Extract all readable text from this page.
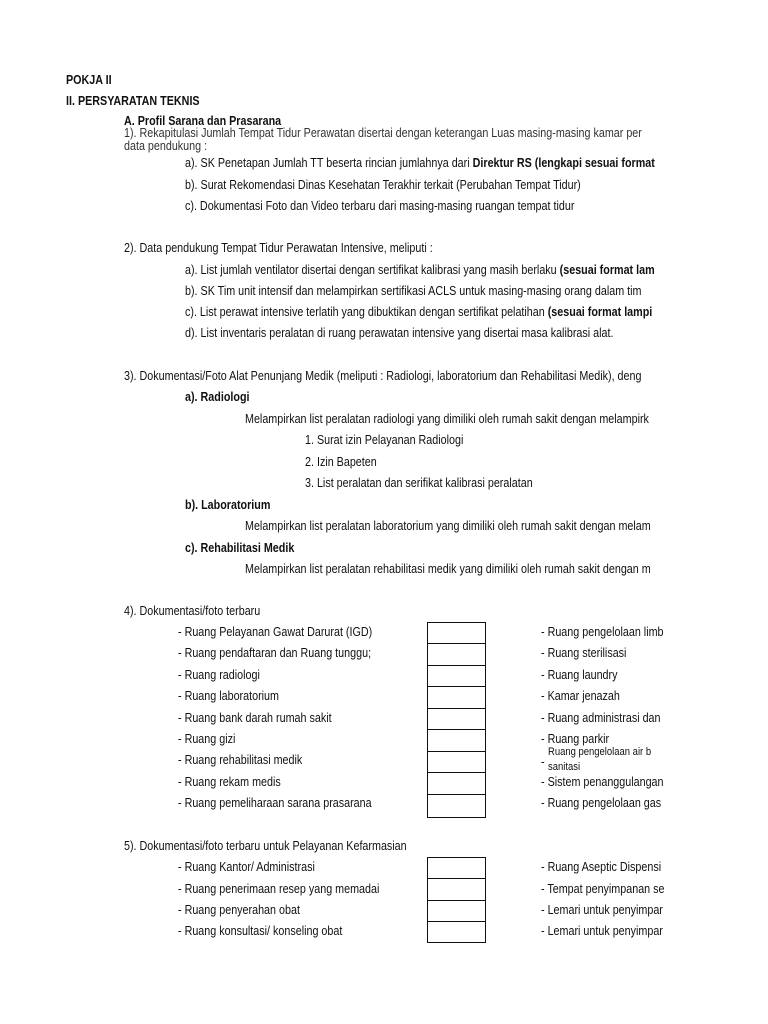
POKJA II
II. PERSYARATAN TEKNIS
A. Profil Sarana dan Prasarana
1). Rekapitulasi Jumlah Tempat Tidur Perawatan disertai dengan keterangan Luas masing-masing kamar per
data pendukung :
a). SK Penetapan Jumlah TT beserta rincian jumlahnya dari Direktur RS (lengkapi sesuai format
b). Surat Rekomendasi Dinas Kesehatan Terakhir terkait (Perubahan Tempat Tidur)
c). Dokumentasi Foto dan Video terbaru dari masing-masing ruangan tempat tidur
2). Data pendukung Tempat Tidur Perawatan Intensive, meliputi :
a). List jumlah ventilator disertai dengan sertifikat kalibrasi yang masih berlaku (sesuai format lam
b). SK Tim unit intensif dan melampirkan sertifikasi ACLS untuk masing-masing orang dalam tim
c). List perawat intensive terlatih yang dibuktikan dengan sertifikat pelatihan (sesuai format lampi
d). List inventaris peralatan di ruang perawatan intensive yang disertai masa kalibrasi alat.
3). Dokumentasi/Foto Alat Penunjang Medik (meliputi : Radiologi, laboratorium dan Rehabilitasi Medik), deng
a). Radiologi
Melampirkan list peralatan radiologi yang dimiliki oleh rumah sakit dengan melampirk
1. Surat izin Pelayanan Radiologi
2. Izin Bapeten
3. List peralatan dan serifikat kalibrasi peralatan
b). Laboratorium
Melampirkan list peralatan laboratorium yang dimiliki oleh rumah sakit dengan melam
c). Rehabilitasi Medik
Melampirkan list peralatan rehabilitasi medik yang dimiliki oleh rumah sakit dengan m
4). Dokumentasi/foto terbaru
- Ruang Pelayanan Gawat Darurat (IGD)
- Ruang pendaftaran dan Ruang tunggu;
- Ruang radiologi
- Ruang laboratorium
- Ruang bank darah rumah sakit
- Ruang gizi
- Ruang rehabilitasi medik
- Ruang rekam medis
- Ruang pemeliharaan sarana prasarana
- Ruang pengelolaan limb
- Ruang sterilisasi
- Ruang laundry
- Kamar jenazah
- Ruang administrasi dan
- Ruang parkir
-
Ruang pengelolaan air b
sanitasi
- Sistem penanggulangan
- Ruang pengelolaan gas
5). Dokumentasi/foto terbaru untuk Pelayanan Kefarmasian
- Ruang Kantor/ Administrasi
- Ruang penerimaan resep yang memadai
- Ruang penyerahan obat
- Ruang konsultasi/ konseling obat
- Ruang Aseptic Dispensi
- Tempat penyimpanan se
- Lemari untuk penyimpar
- Lemari untuk penyimpar
